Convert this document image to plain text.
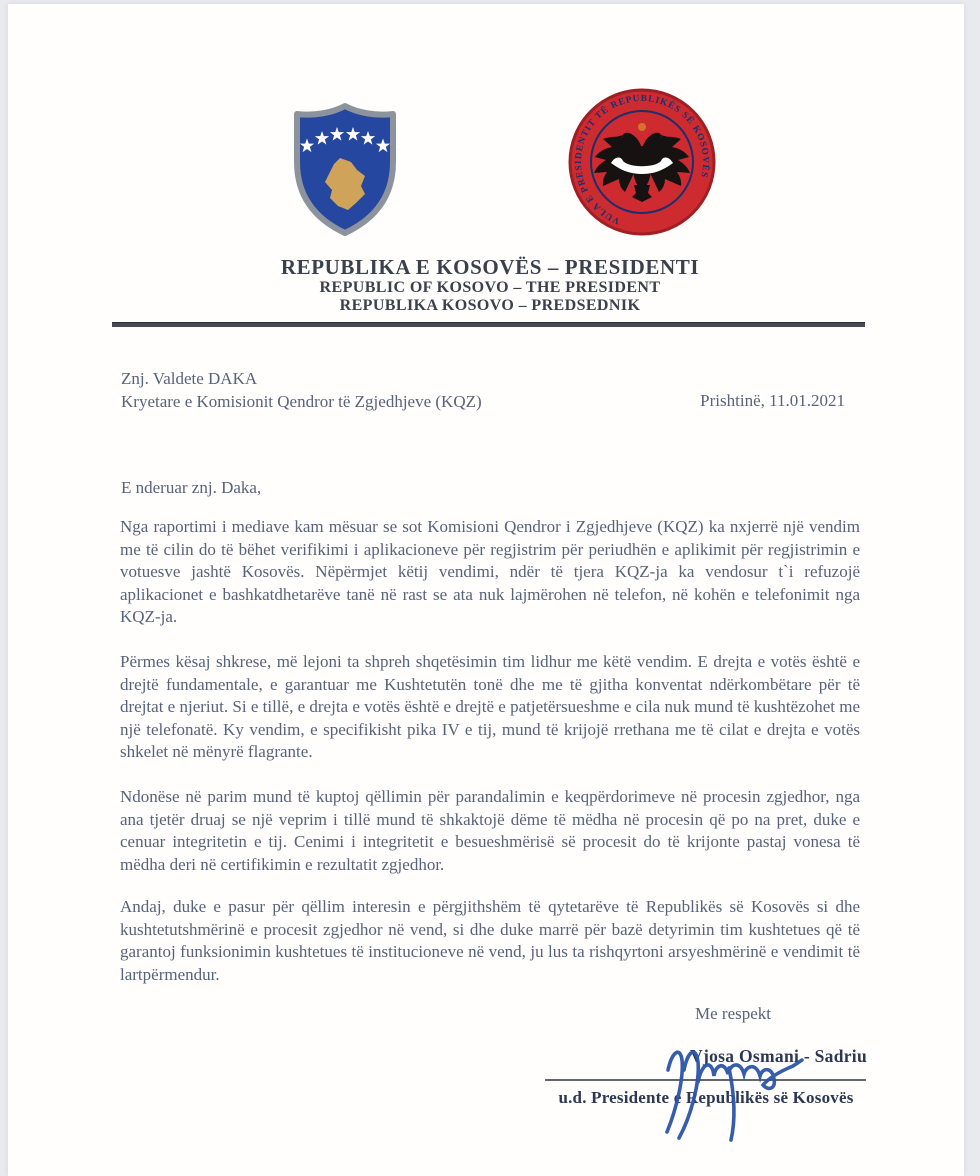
VULA E PRESIDENTIT TË REPUBLIKËS SË KOSOVËS
REPUBLIKA E KOSOVËS – PRESIDENTI
REPUBLIC OF KOSOVO – THE PRESIDENT
REPUBLIKA KOSOVO – PREDSEDNIK
Znj. Valdete DAKA
Kryetare e Komisionit Qendror të Zgjedhjeve (KQZ)	Prishtinë, 11.01.2021
E nderuar znj. Daka,
Nga raportimi i mediave kam mësuar se sot Komisioni Qendror i Zgjedhjeve (KQZ) ka nxjerrë një vendim me të cilin do të bëhet verifikimi i aplikacioneve për regjistrim për periudhën e aplikimit për regjistrimin e votuesve jashtë Kosovës. Nëpërmjet këtij vendimi, ndër të tjera KQZ-ja ka vendosur t`i refuzojë aplikacionet e bashkatdhetarëve tanë në rast se ata nuk lajmërohen në telefon, në kohën e telefonimit nga KQZ-ja.
Përmes kësaj shkrese, më lejoni ta shpreh shqetësimin tim lidhur me këtë vendim. E drejta e votës është e drejtë fundamentale, e garantuar me Kushtetutën tonë dhe me të gjitha konventat ndërkombëtare për të drejtat e njeriut. Si e tillë, e drejta e votës është e drejtë e patjetërsueshme e cila nuk mund të kushtëzohet me një telefonatë. Ky vendim, e specifikisht pika IV e tij, mund të krijojë rrethana me të cilat e drejta e votës shkelet në mënyrë flagrante.
Ndonëse në parim mund të kuptoj qëllimin për parandalimin e keqpërdorimeve në procesin zgjedhor, nga ana tjetër druaj se një veprim i tillë mund të shkaktojë dëme të mëdha në procesin që po na pret, duke e cenuar integritetin e tij. Cenimi i integritetit e besueshmërisë së procesit do të krijonte pastaj vonesa të mëdha deri në certifikimin e rezultatit zgjedhor.
Andaj, duke e pasur për qëllim interesin e përgjithshëm të qytetarëve të Republikës së Kosovës si dhe kushtetutshmërinë e procesit zgjedhor në vend, si dhe duke marrë për bazë detyrimin tim kushtetues që të garantoj funksionimin kushtetues të institucioneve në vend, ju lus ta rishqyrtoni arsyeshmërinë e vendimit të lartpërmendur.
Me respekt
Vjosa Osmani - Sadriu
u.d. Presidente e Republikës së Kosovës
